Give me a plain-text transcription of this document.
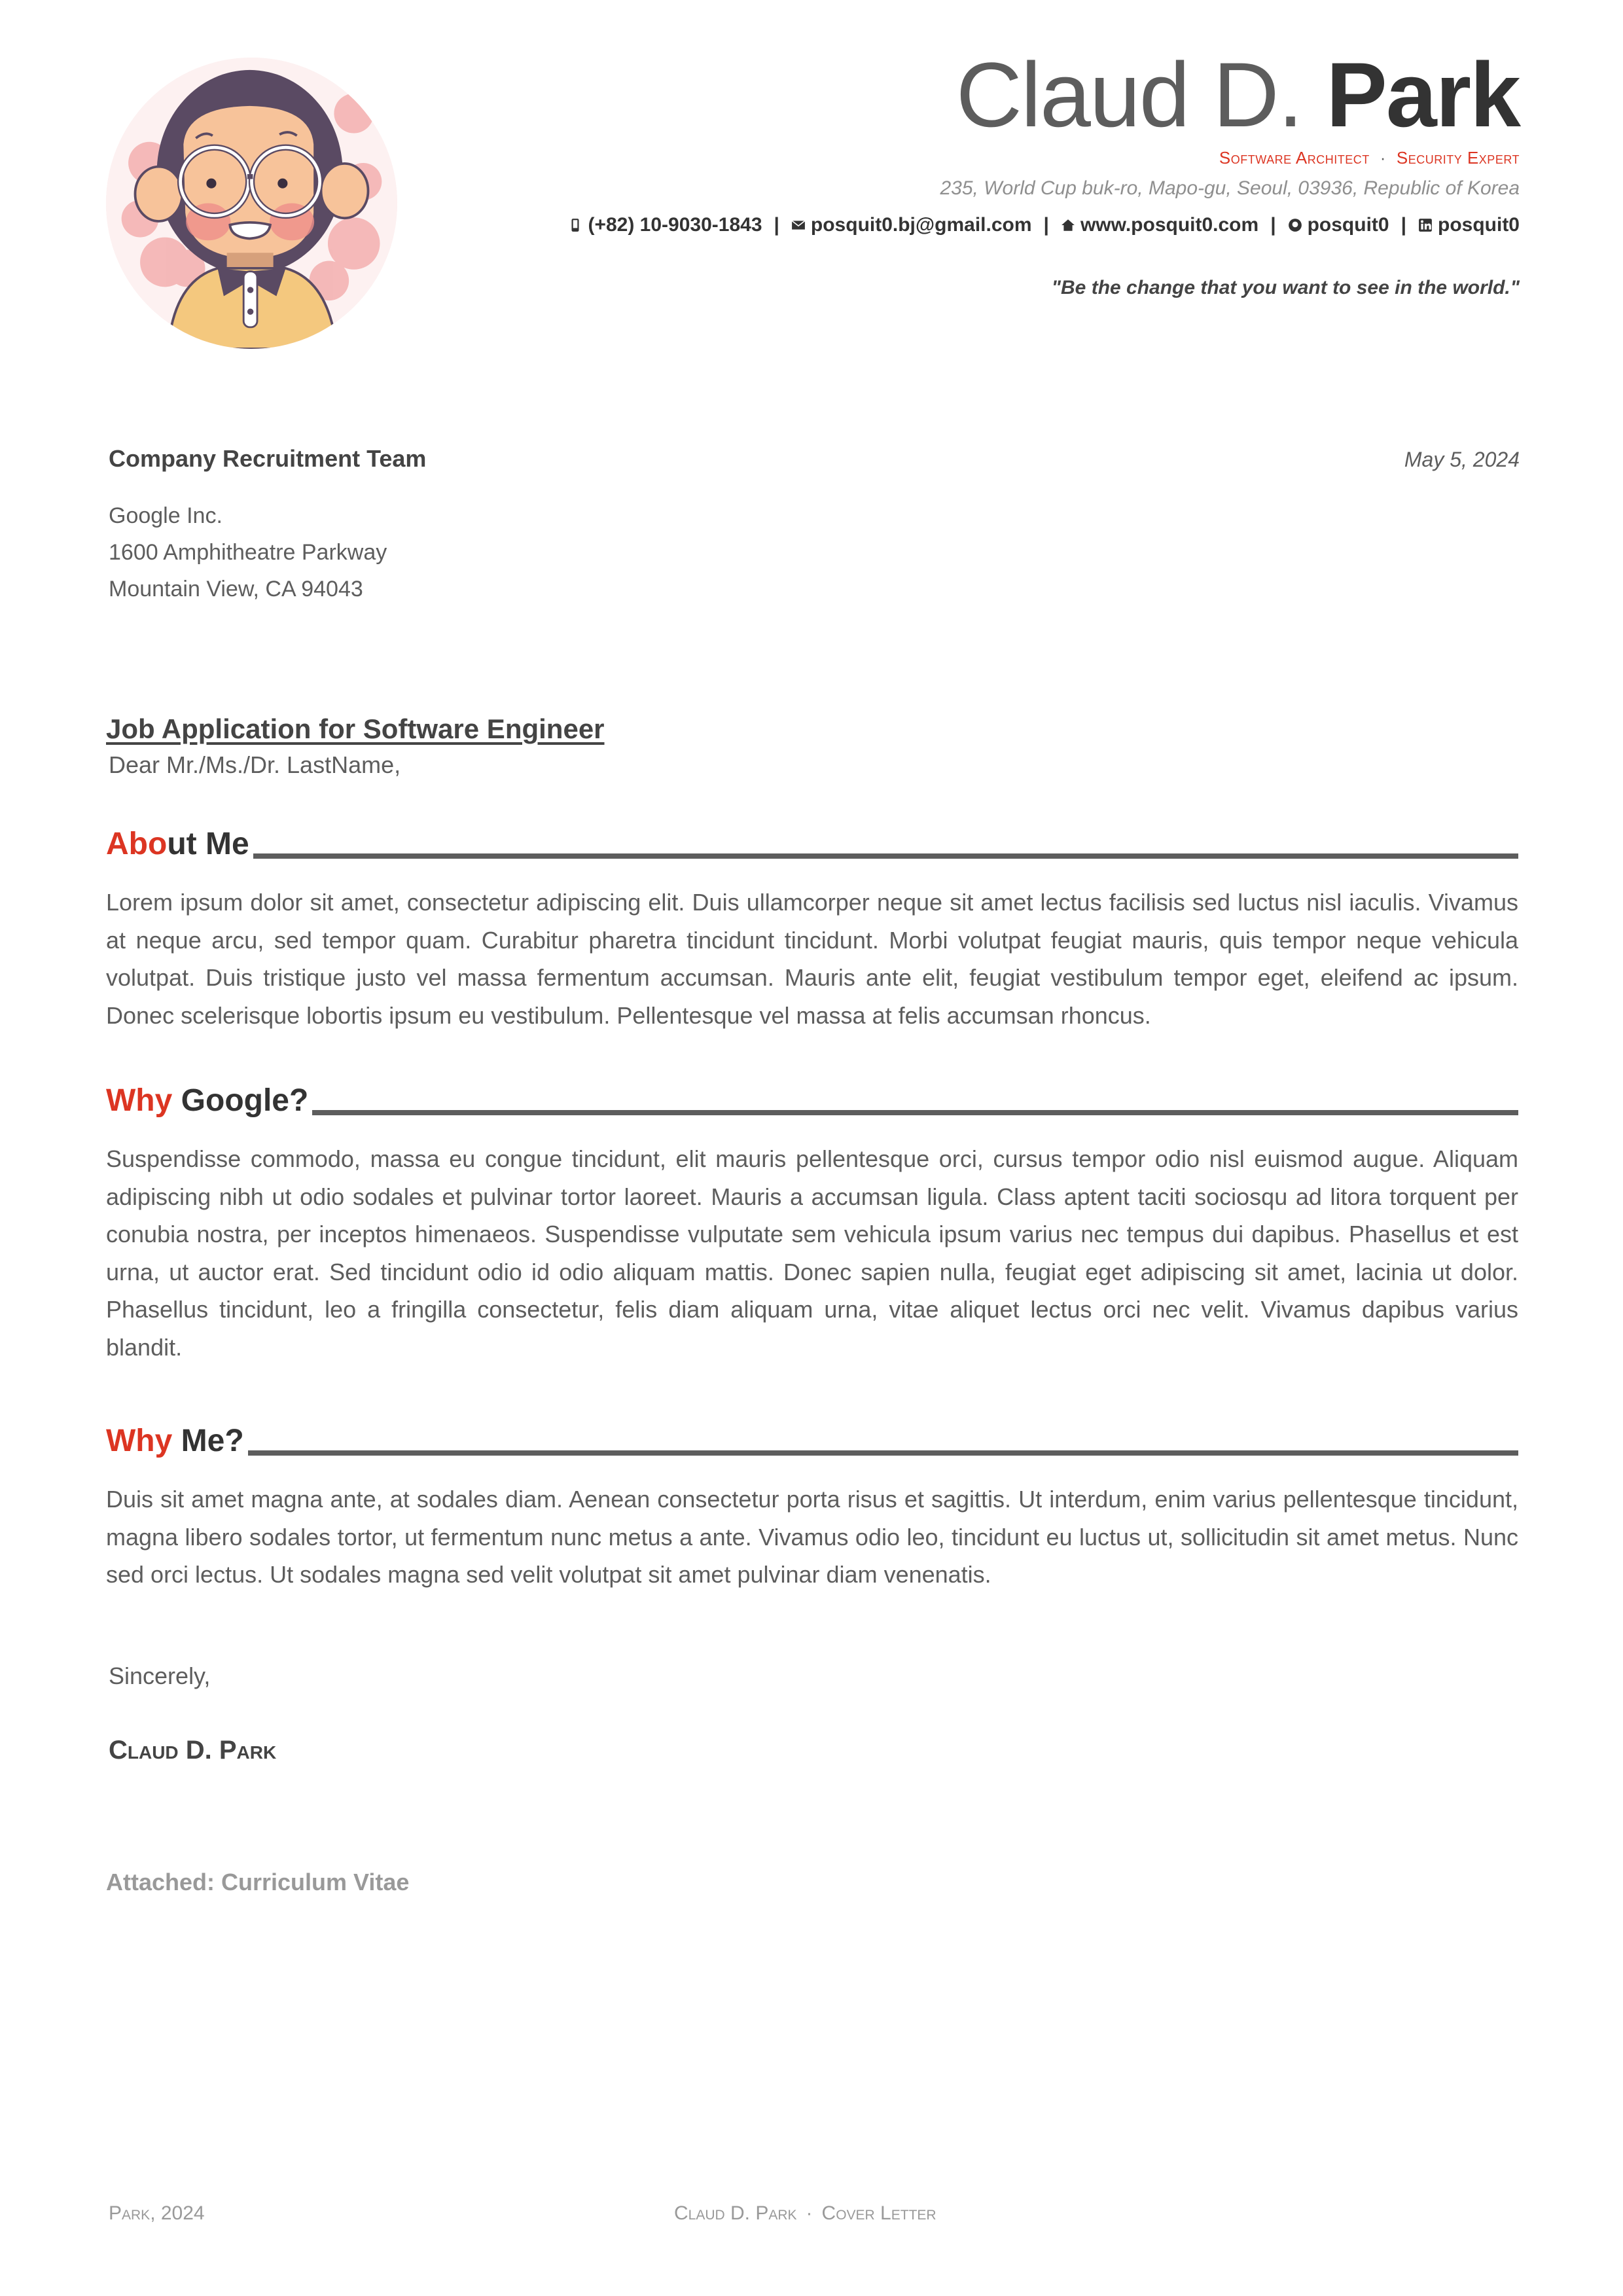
Claud D. Park
Software Architect · Security Expert
235, World Cup buk-ro, Mapo-gu, Seoul, 03936, Republic of Korea
(+82) 10-9030-1843 | posquit0.bj@gmail.com | www.posquit0.com | posquit0 | posquit0
"Be the change that you want to see in the world."
Company Recruitment Team	May 5, 2024
Google Inc.
1600 Amphitheatre Parkway
Mountain View, CA 94043
Job Application for Software Engineer
Dear Mr./Ms./Dr. LastName,
About Me
Lorem ipsum dolor sit amet, consectetur adipiscing elit. Duis ullamcorper neque sit amet lectus facilisis sed luctus nisl iaculis. Vivamus at neque arcu, sed tempor quam. Curabitur pharetra tincidunt tincidunt. Morbi volutpat feugiat mauris, quis tempor neque vehicula volutpat. Duis tristique justo vel massa fermentum accumsan. Mauris ante elit, feugiat vestibulum tempor eget, eleifend ac ipsum. Donec scelerisque lobortis ipsum eu vestibulum. Pellentesque vel massa at felis accumsan rhoncus.
Why Google?
Suspendisse commodo, massa eu congue tincidunt, elit mauris pellentesque orci, cursus tempor odio nisl euismod augue. Aliquam adipiscing nibh ut odio sodales et pulvinar tortor laoreet. Mauris a accumsan ligula. Class aptent taciti sociosqu ad litora torquent per conubia nostra, per inceptos himenaeos. Suspendisse vulputate sem vehicula ipsum varius nec tempus dui dapibus. Phasellus et est urna, ut auctor erat. Sed tincidunt odio id odio aliquam mattis. Donec sapien nulla, feugiat eget adipiscing sit amet, lacinia ut dolor. Phasellus tincidunt, leo a fringilla consectetur, felis diam aliquam urna, vitae aliquet lectus orci nec velit. Vivamus dapibus varius blandit.
Why Me?
Duis sit amet magna ante, at sodales diam. Aenean consectetur porta risus et sagittis. Ut interdum, enim varius pellentesque tincidunt, magna libero sodales tortor, ut fermentum nunc metus a ante. Vivamus odio leo, tincidunt eu luctus ut, sollicitudin sit amet metus. Nunc sed orci lectus. Ut sodales magna sed velit volutpat sit amet pulvinar diam venenatis.
Sincerely,
Claud D. Park
Attached: Curriculum Vitae
Park, 2024	Claud D. Park · Cover Letter
